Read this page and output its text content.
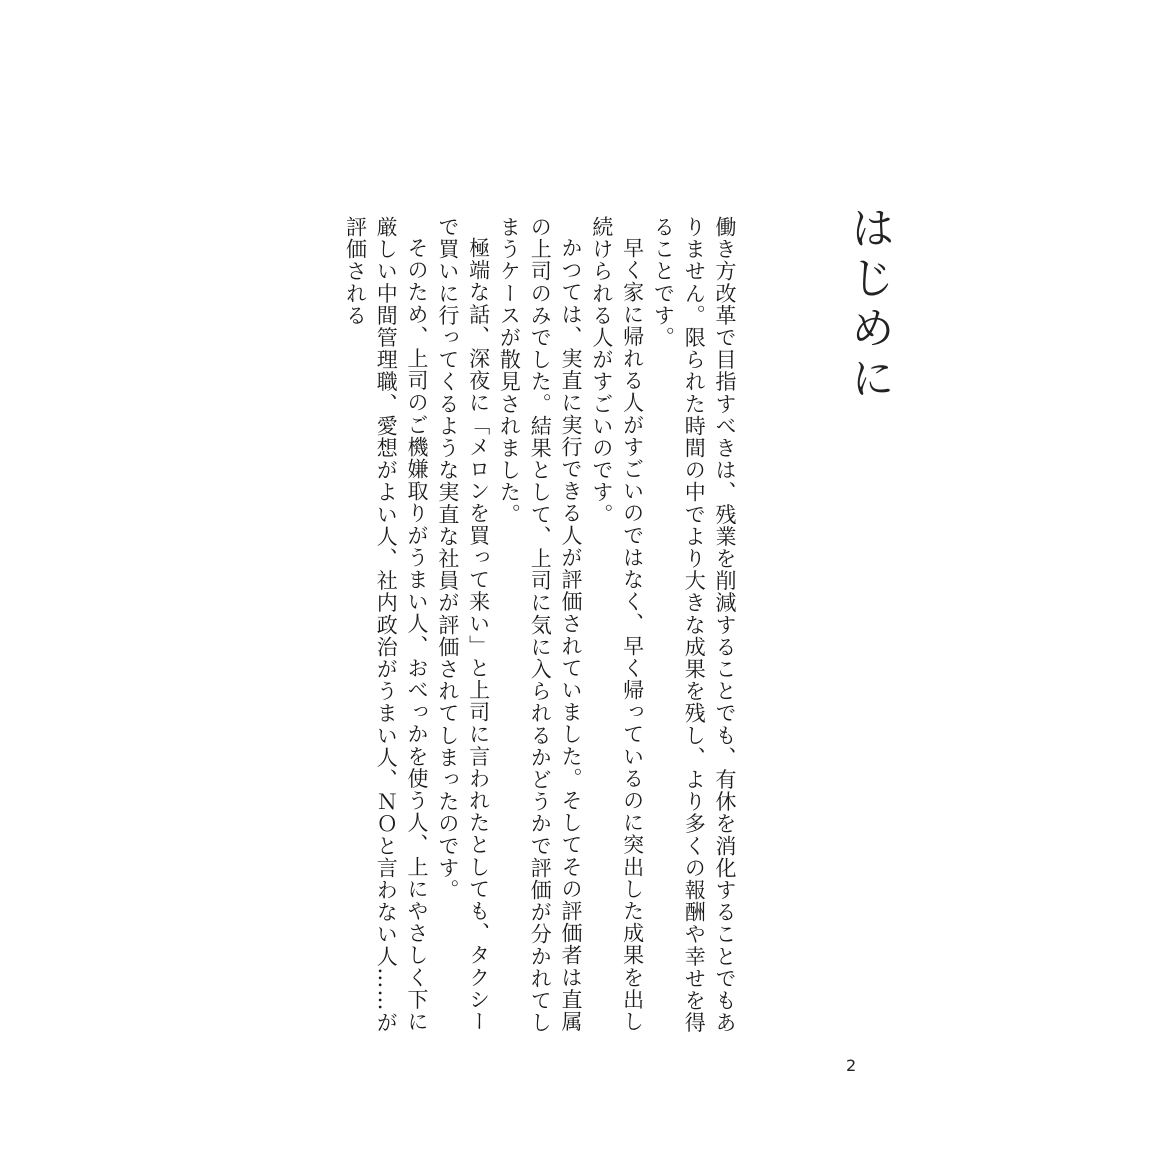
はじめに

働き方改革で目指すべきは、残業を削減することでも、有休を消化することでもありません。限られた時間の中でより大きな成果を残し、より多くの報酬や幸せを得ることです。

早く家に帰れる人がすごいのではなく、早く帰っているのに突出した成果を出し続けられる人がすごいのです。

かつては、実直に実行できる人が評価されていました。そしてその評価者は直属の上司のみでした。結果として、上司に気に入られるかどうかで評価が分かれてしまうケースが散見されました。

極端な話、深夜に「メロンを買って来い」と上司に言われたとしても、タクシーで買いに行ってくるような実直な社員が評価されてしまったのです。

そのため、上司のご機嫌取りがうまい人、おべっかを使う人、上にやさしく下に厳しい中間管理職、愛想がよい人、社内政治がうまい人、ＮＯと言わない人……が評価される

2
